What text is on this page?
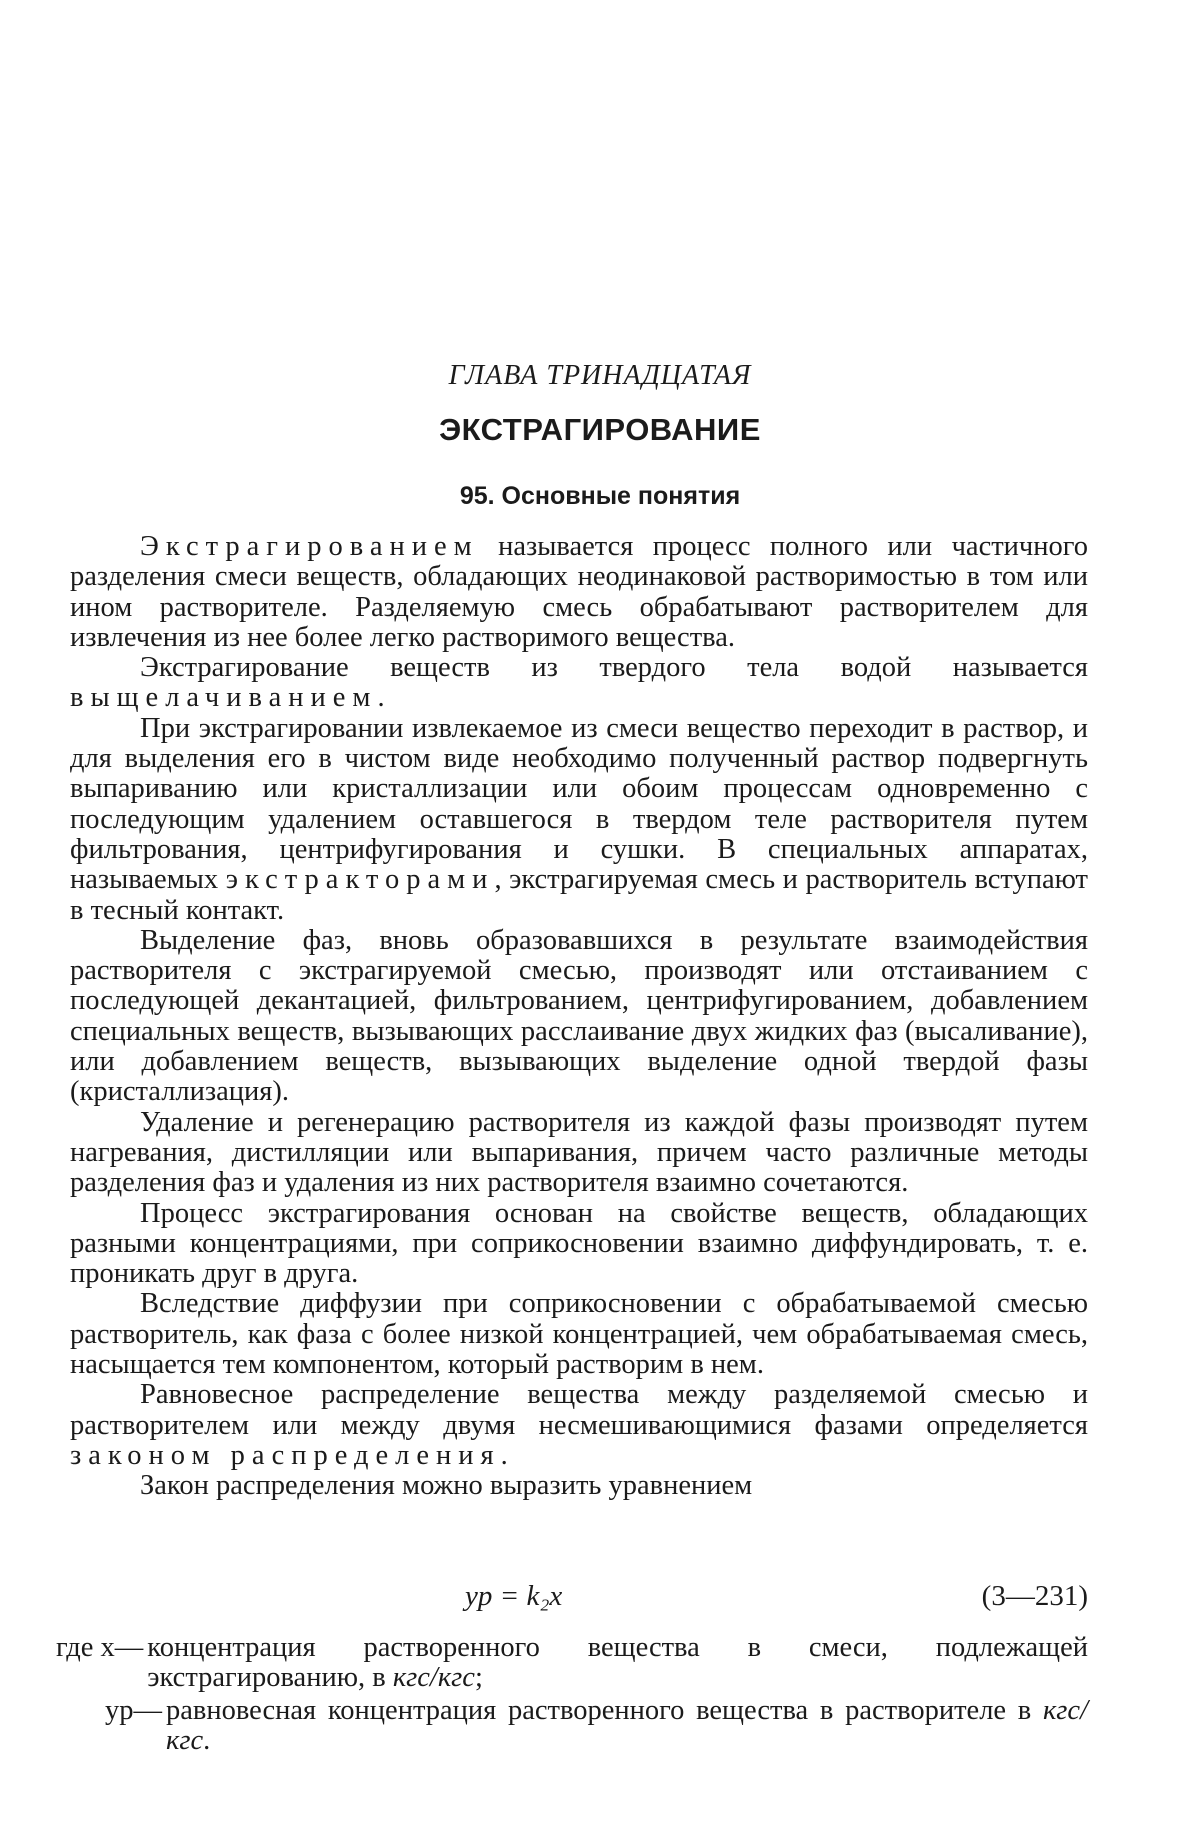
ГЛАВА ТРИНАДЦАТАЯ
ЭКСТРАГИРОВАНИЕ
95. Основные понятия

Экстрагированием называется процесс полного или частичного разделения смеси веществ, обладающих неодинаковой растворимостью в том или ином растворителе. Разделяемую смесь обрабатывают растворителем для извлечения из нее более легко растворимого вещества.

Экстрагирование веществ из твердого тела водой называется выщелачиванием.

При экстрагировании извлекаемое из смеси вещество переходит в раствор, и для выделения его в чистом виде необходимо полученный раствор подвергнуть выпариванию или кристаллизации или обоим процессам одновременно с последующим удалением оставшегося в твердом теле растворителя путем фильтрования, центрифугирования и сушки. В специальных аппаратах, называемых экстракторами, экстрагируемая смесь и растворитель вступают в тесный контакт.

Выделение фаз, вновь образовавшихся в результате взаимодействия растворителя с экстрагируемой смесью, производят или отстаиванием с последующей декантацией, фильтрованием, центрифугированием, добавлением специальных веществ, вызывающих расслаивание двух жидких фаз (высаливание), или добавлением веществ, вызывающих выделение одной твердой фазы (кристаллизация).

Удаление и регенерацию растворителя из каждой фазы производят путем нагревания, дистилляции или выпаривания, причем часто различные методы разделения фаз и удаления из них растворителя взаимно сочетаются.

Процесс экстрагирования основан на свойстве веществ, обладающих разными концентрациями, при соприкосновении взаимно диффундировать, т. е. проникать друг в друга.

Вследствие диффузии при соприкосновении с обрабатываемой смесью растворитель, как фаза с более низкой концентрацией, чем обрабатываемая смесь, насыщается тем компонентом, который растворим в нем.

Равновесное распределение вещества между разделяемой смесью и растворителем или между двумя несмешивающимися фазами определяется законом распределения.

Закон распределения можно выразить уравнением

yр = k₂x	(3—231)
где x— концентрация растворенного вещества в смеси, подлежащей экстрагированию, в кгс/кгс;
yр— равновесная концентрация растворенного вещества в растворителе в кгс/кгс.
